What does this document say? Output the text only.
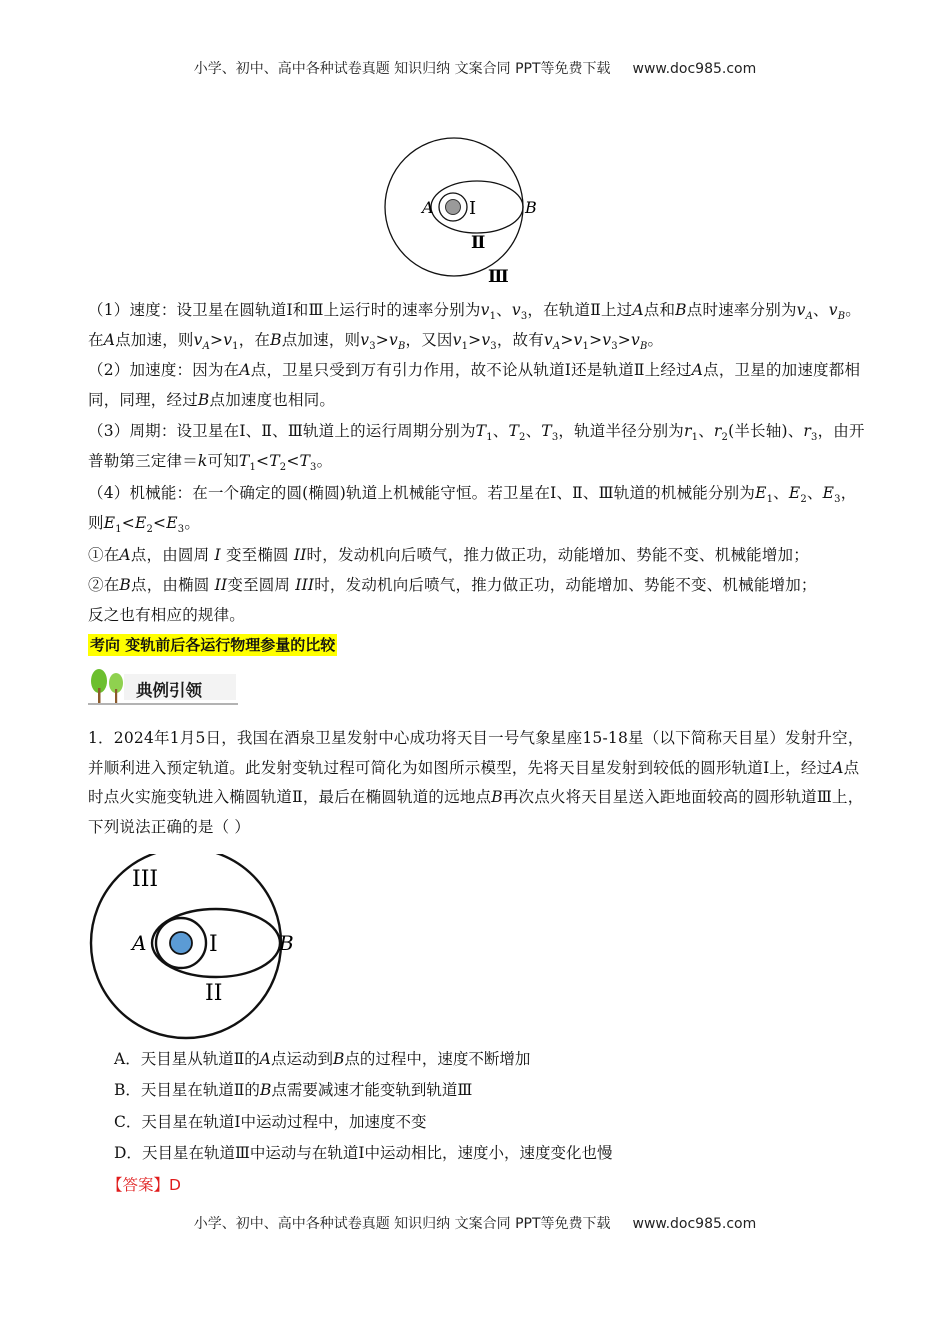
小学、初中、高中各种试卷真题 知识归纳 文案合同 PPT等免费下载 www.doc985.com
A	B
Ⅰ
Ⅱ
Ⅲ
（1）速度：设卫星在圆轨道Ⅰ和Ⅲ上运行时的速率分别为$v_1$、$v_3$，在轨道Ⅱ上过A点和B点时速率分别为$v_A$、$v_B$。在A点加速，则$v_A>v_1$，在B点加速，则$v_3>v_B$，又因$v_1>v_3$，故有$v_A>v_1>v_3>v_B$。
（2）加速度：因为在A点，卫星只受到万有引力作用，故不论从轨道Ⅰ还是轨道Ⅱ上经过A点，卫星的加速度都相同，同理，经过B点加速度也相同。
（3）周期：设卫星在Ⅰ、Ⅱ、Ⅲ轨道上的运行周期分别为$T_1$、$T_2$、$T_3$，轨道半径分别为$r_1$、$r_2$(半长轴)、$r_3$，由开普勒第三定律＝k可知$T_1<T_2<T_3$。
（4）机械能：在一个确定的圆(椭圆)轨道上机械能守恒。若卫星在Ⅰ、Ⅱ、Ⅲ轨道的机械能分别为$E_1$、$E_2$、$E_3$，则$E_1<E_2<E_3$。
①在A点，由圆周 I 变至椭圆 II时，发动机向后喷气，推力做正功，动能增加、势能不变、机械能增加；
②在B点，由椭圆 II变至圆周 III时，发动机向后喷气，推力做正功，动能增加、势能不变、机械能增加；
反之也有相应的规律。
考向 变轨前后各运行物理参量的比较
典例引领
1．2024年1月5日，我国在酒泉卫星发射中心成功将天目一号气象星座15-18星（以下简称天目星）发射升空，并顺利进入预定轨道。此发射变轨过程可简化为如图所示模型，先将天目星发射到较低的圆形轨道Ⅰ上，经过A点时点火实施变轨进入椭圆轨道Ⅱ，最后在椭圆轨道的远地点B再次点火将天目星送入距地面较高的圆形轨道Ⅲ上，下列说法正确的是（ ）
A	B
I
II
III
A．天目星从轨道Ⅱ的A点运动到B点的过程中，速度不断增加
B．天目星在轨道Ⅱ的B点需要减速才能变轨到轨道Ⅲ
C．天目星在轨道Ⅰ中运动过程中，加速度不变
D．天目星在轨道Ⅲ中运动与在轨道Ⅰ中运动相比，速度小，速度变化也慢
【答案】D
小学、初中、高中各种试卷真题 知识归纳 文案合同 PPT等免费下载 www.doc985.com
